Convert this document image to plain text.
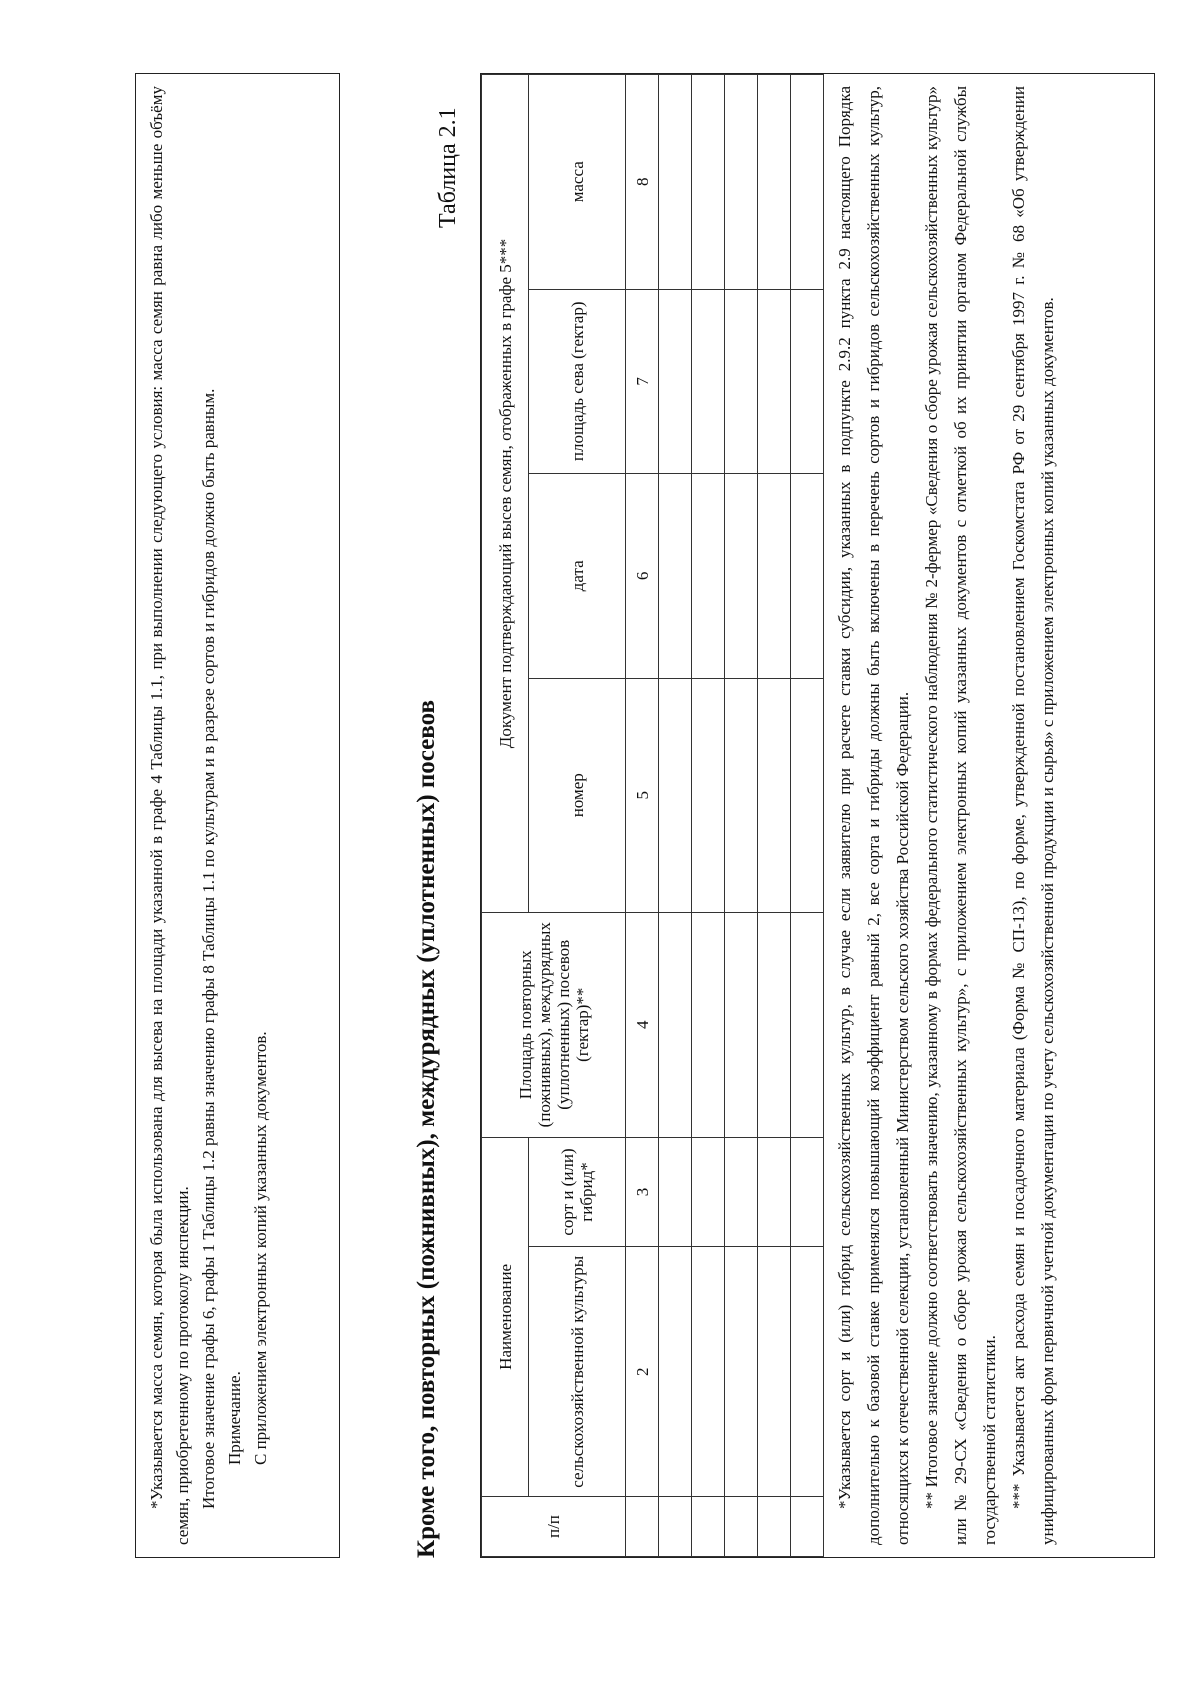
*Указывается масса семян, которая была использована для высева на площади указанной в графе 4 Таблицы 1.1, при выполнении следующего условия: масса семян равна либо меньше объёму семян, приобретенному по протоколу инспекции. Итоговое значение графы 6, графы 1 Таблицы 1.2 равны значению графы 8 Таблицы 1.1 по культурам и в разрезе сортов и гибридов должно быть равным. Примечание. С приложением электронных копий указанных документов.	Кроме того, повторных (пожнивных), междурядных (уплотненных) посевов
Таблица 2.1
п/п	Наименование		Площадь повторных (пожнивных), междурядных (уплотненных) посевов (гектар)**	Документ подтверждающий высев семян, отображенных в графе 5***			
	сельскохозяйственной культуры	сорт и (или) гибрид*		номер	дата	площадь сева (гектар)	масса
	2	3	4	5	6	7	8

								*Указывается сорт и (или) гибрид сельскохозяйственных культур, в случае если заявителю при расчете ставки субсидии, указанных в подпункте 2.9.2 пункта 2.9 настоящего Порядка дополнительно к базовой ставке применялся повышающий коэффициент равный 2, все сорта и гибриды должны быть включены в перечень сортов и гибридов сельскохозяйственных культур, относящихся к отечественной селекции, установленный Министерством сельского хозяйства Российской Федерации. ** Итоговое значение должно соответствовать значению, указанному в формах федерального статистического наблюдения № 2-фермер «Сведения о сборе урожая сельскохозяйственных культур» или № 29-СХ «Сведения о сборе урожая сельскохозяйственных культур», с приложением электронных копий указанных документов с отметкой об их принятии органом Федеральной службы государственной статистики. *** Указывается акт расхода семян и посадочного материала (Форма № СП-13), по форме, утвержденной постановлением Госкомстата РФ от 29 сентября 1997 г. № 68 «Об утверждении унифицированных форм первичной учетной документации по учету сельскохозяйственной продукции и сырья» с приложением электронных копий указанных документов.
